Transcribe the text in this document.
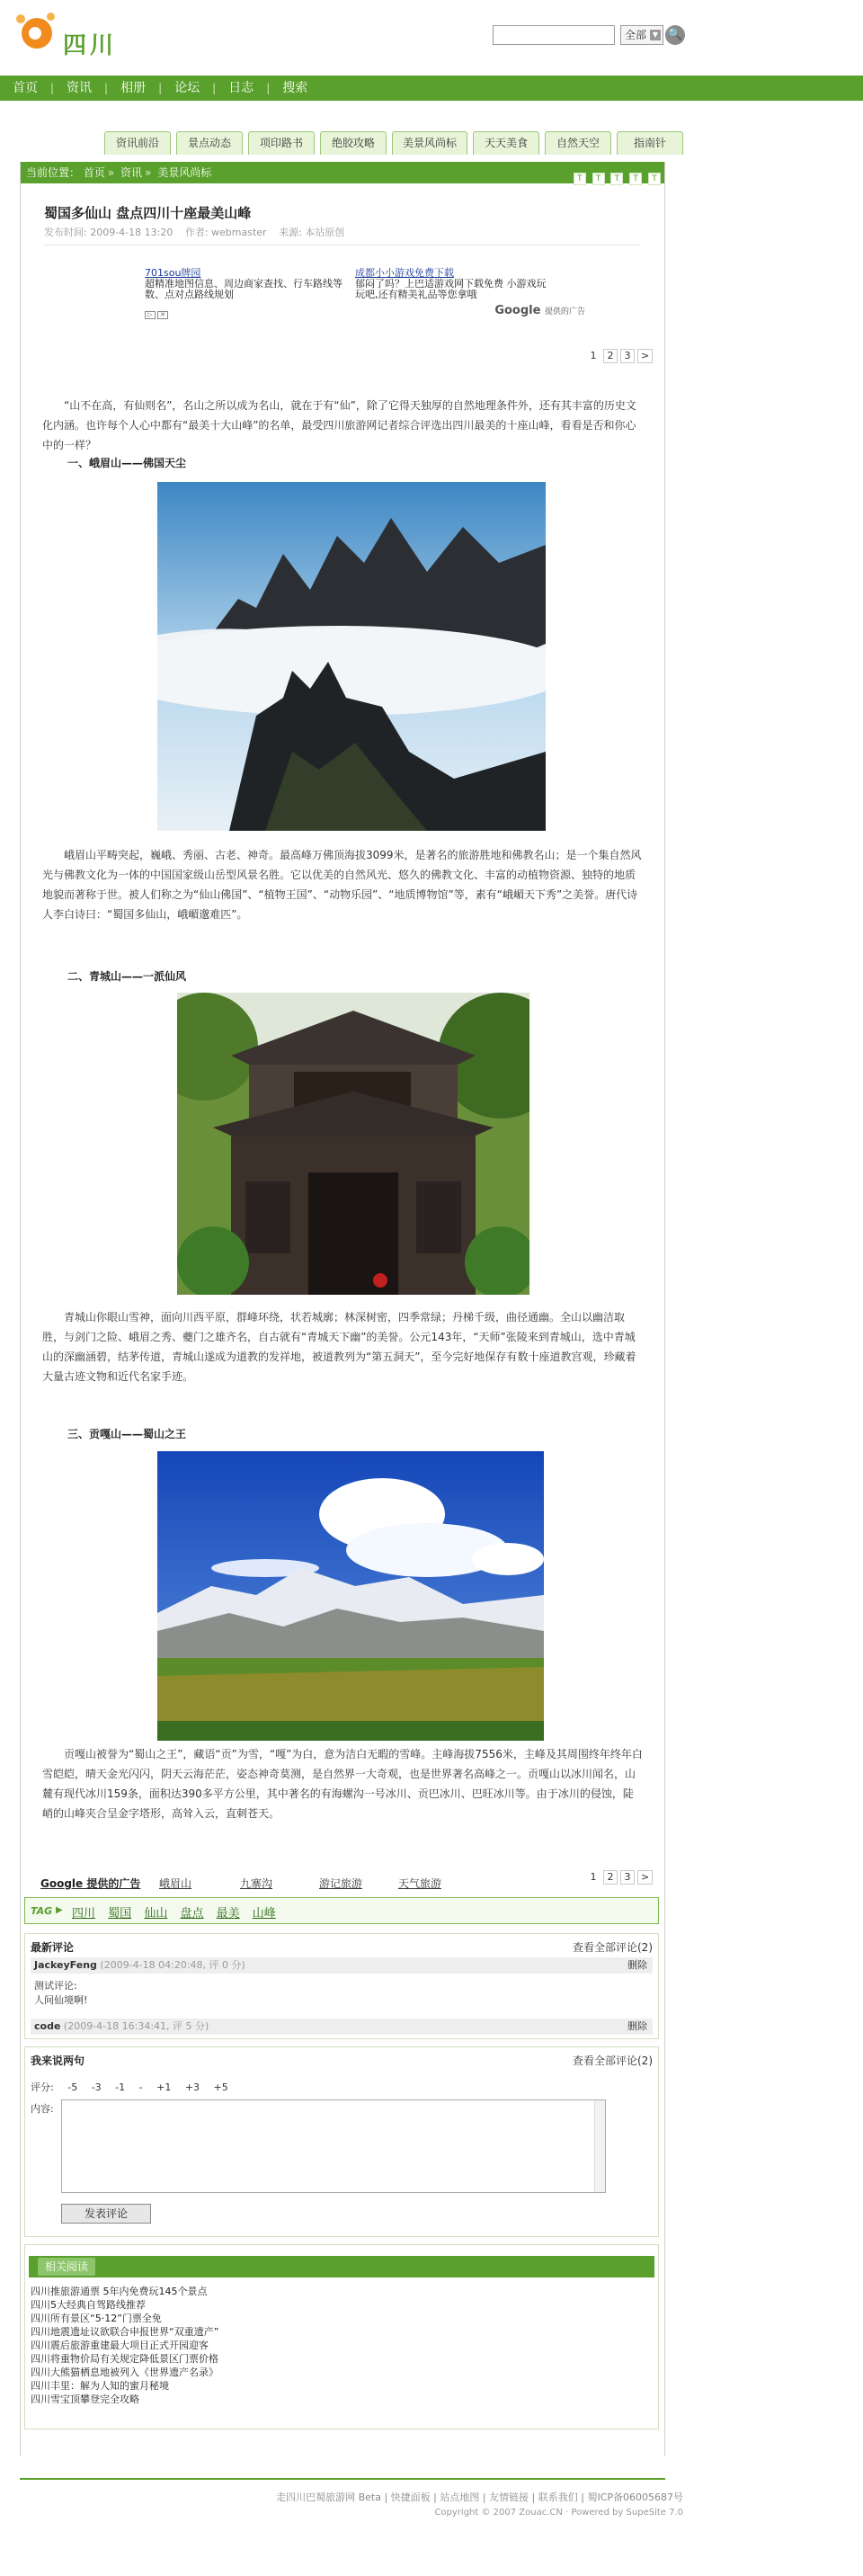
四川	全部 ▼ 🔍
首页	|	资讯	|	相册	|	论坛	|	日志	|	搜索
资讯前沿	景点动态	项印路书	绝胶攻略	美景风尚标	天天美食	自然天空	指南针
当前位置： 首页 » 资讯 » 美景风尚标	T T T T T
蜀国多仙山 盘点四川十座最美山峰
发布时间: 2009-4-18 13:20 作者: webmaster 来源: 本站原创
701sou牌园
超精准地图信息、周边商家查找、行车路线等数、点对点路线规划
成都小小游戏免费下载
郁闷了吗？上巴适游戏网下载免费 小游戏玩玩吧,还有精美礼品等您拿哦
▷ ✕	Google 提供的广告
1 2 3 >
“山不在高，有仙则名”，名山之所以成为名山，就在于有“仙”，除了它得天独厚的自然地理条件外，还有其丰富的历史文化内涵。也许每个人心中都有“最美十大山峰”的名单，最受四川旅游网记者综合评选出四川最美的十座山峰，看看是否和你心中的一样？
一、峨眉山——佛国天尘
峨眉山平畴突起，巍峨、秀丽、古老、神奇。最高峰万佛顶海拔3099米，是著名的旅游胜地和佛教名山；是一个集自然风光与佛教文化为一体的中国国家级山岳型风景名胜。它以优美的自然风光、悠久的佛教文化、丰富的动植物资源、独特的地质地貌而著称于世。被人们称之为“仙山佛国”、“植物王国”、“动物乐园”、“地质博物馆”等，素有“峨嵋天下秀”之美誉。唐代诗人李白诗曰：“蜀国多仙山，峨嵋邈难匹”。
二、青城山——一派仙风
青城山你眼山雪神，面向川西平原，群峰环绕，状若城廓；林深树密，四季常绿；丹梯千级，曲径通幽。全山以幽洁取胜，与剑门之险、峨眉之秀、夔门之雄齐名，自古就有“青城天下幽”的美誉。公元143年，“天师”张陵来到青城山，选中青城山的深幽涵碧，结茅传道，青城山遂成为道教的发祥地，被道教列为“第五洞天”，至今完好地保存有数十座道教宫观，珍藏着大量古迹文物和近代名家手迹。
三、贡嘎山——蜀山之王
贡嘎山被誉为“蜀山之王”，藏语“贡”为雪，“嘎”为白，意为洁白无暇的雪峰。主峰海拔7556米，主峰及其周围终年终年白雪皑皑，晴天金光闪闪，阴天云海茫茫，姿态神奇莫测，是自然界一大奇观，也是世界著名高峰之一。贡嘎山以冰川闻名，山麓有现代冰川159条，面积达390多平方公里，其中著名的有海螺沟一号冰川、贡巴冰川、巴旺冰川等。由于冰川的侵蚀，陡峭的山峰夹合呈金字塔形，高耸入云，直刺苍天。
Google 提供的广告 峨眉山	九寨沟	游记旅游	天气旅游
1 2 3 >
TAG ▶ 四川 蜀国 仙山 盘点 最美 山峰
最新评论	查看全部评论(2)
JackeyFeng (2009-4-18 04:20:48, 评 0 分)	删除
测试评论:
人间仙境啊!
code (2009-4-18 16:34:41, 评 5 分)	删除
我来说两句	查看全部评论(2)
评分: -5 -3 -1 - +1 +3 +5
内容:
发表评论
相关阅读
四川推旅游通票 5年内免费玩145个景点
四川5大经典自驾路线推荐
四川所有景区“5·12”门票全免
四川地震遗址议欲联合申报世界“双重遗产”
四川震后旅游重建最大项目正式开园迎客
四川将重物价局有关规定降低景区门票价格
四川大熊猫栖息地被列入《世界遗产名录》
四川丰里：解为人知的蜜月秘境
四川雪宝顶攀登完全攻略
走四川巴蜀旅游网 Beta | 快捷面板 | 站点地图 | 友情链接 | 联系我们 | 蜀ICP备06005687号
Copyright © 2007 Zouac.CN · Powered by SupeSite 7.0
